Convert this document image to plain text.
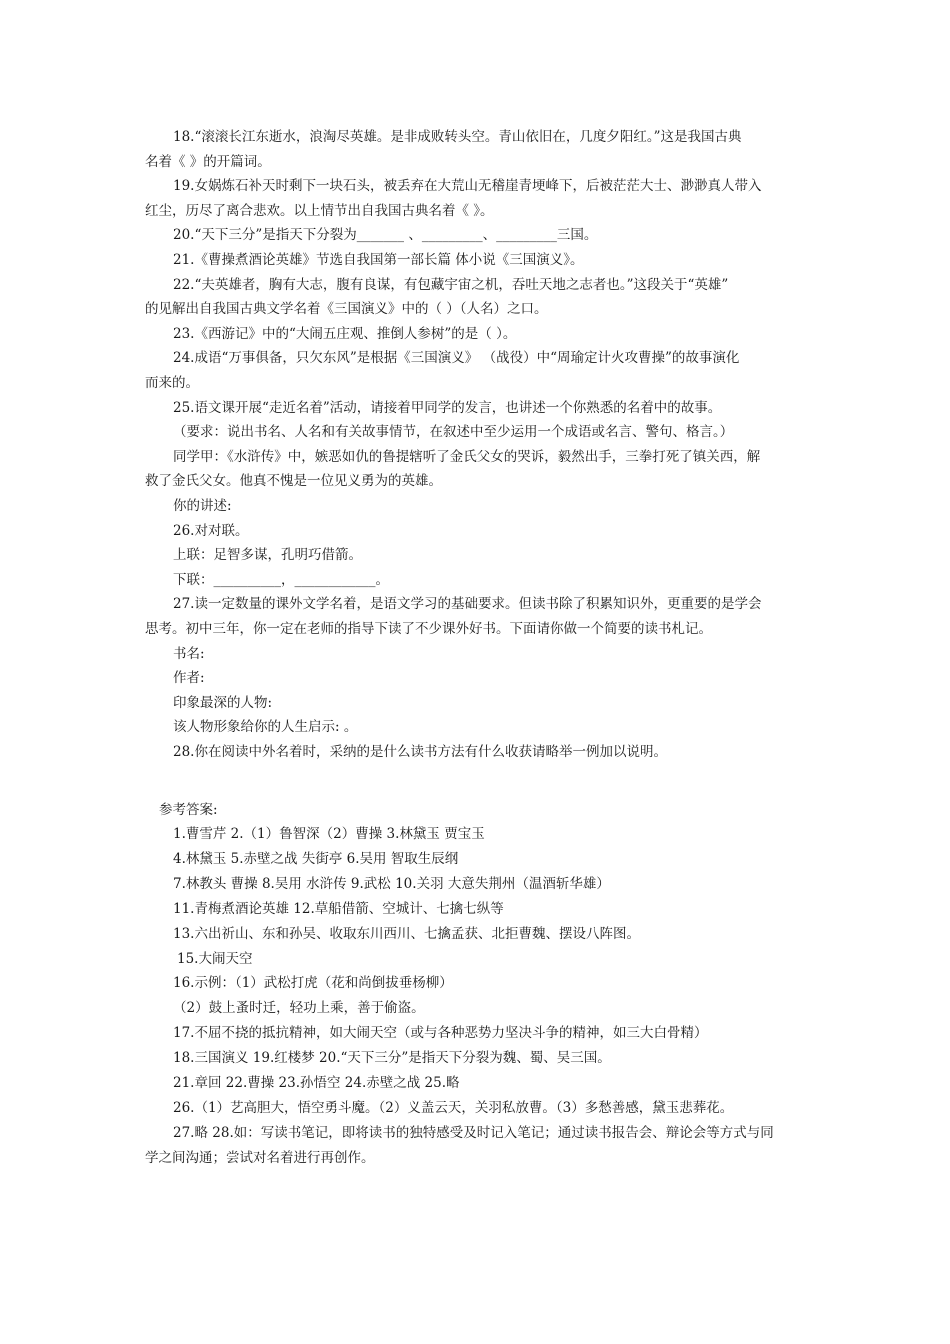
18.“滚滚长江东逝水，浪淘尽英雄。是非成败转头空。青山依旧在，几度夕阳红。”这是我国古典
名着《 》的开篇词。
19.女娲炼石补天时剩下一块石头，被丢弃在大荒山无稽崖青埂峰下，后被茫茫大士、渺渺真人带入
红尘，历尽了离合悲欢。以上情节出自我国古典名着《 》。
20.“天下三分”是指天下分裂为_______ 、_________、_________三国。
21.《曹操煮酒论英雄》节选自我国第一部长篇 体小说《三国演义》。
22.“夫英雄者，胸有大志，腹有良谋，有包藏宇宙之机，吞吐天地之志者也。”这段关于“英雄”
的见解出自我国古典文学名着《三国演义》中的（ ）（人名）之口。
23.《西游记》中的“大闹五庄观、推倒人参树”的是（ ）。
24.成语“万事俱备，只欠东风”是根据《三国演义》 （战役）中“周瑜定计火攻曹操”的故事演化
而来的。
25.语文课开展“走近名着”活动，请接着甲同学的发言，也讲述一个你熟悉的名着中的故事。
（要求：说出书名、人名和有关故事情节，在叙述中至少运用一个成语或名言、警句、格言。）
同学甲：《水浒传》中，嫉恶如仇的鲁提辖听了金氏父女的哭诉，毅然出手，三拳打死了镇关西，解
救了金氏父女。他真不愧是一位见义勇为的英雄。
你的讲述:
26.对对联。
上联：足智多谋，孔明巧借箭。
下联：__________，____________。
27.读一定数量的课外文学名着，是语文学习的基础要求。但读书除了积累知识外，更重要的是学会
思考。初中三年，你一定在老师的指导下读了不少课外好书。下面请你做一个简要的读书札记。
书名:
作者:
印象最深的人物:
该人物形象给你的人生启示: 。
28.你在阅读中外名着时，采纳的是什么读书方法有什么收获请略举一例加以说明。
参考答案:
1.曹雪芹 2.（1）鲁智深（2）曹操 3.林黛玉 贾宝玉
4.林黛玉 5.赤壁之战 失街亭 6.吴用 智取生辰纲
7.林教头 曹操 8.吴用 水浒传 9.武松 10.关羽 大意失荆州（温酒斩华雄）
11.青梅煮酒论英雄 12.草船借箭、空城计、七擒七纵等
13.六出祈山、东和孙吴、收取东川西川、七擒孟获、北拒曹魏、摆设八阵图。
15.大闹天空
16.示例：（1）武松打虎（花和尚倒拔垂杨柳）
（2）鼓上蚤时迁，轻功上乘，善于偷盗。
17.不屈不挠的抵抗精神，如大闹天空（或与各种恶势力坚决斗争的精神，如三大白骨精）
18.三国演义 19.红楼梦 20.“天下三分”是指天下分裂为魏、蜀、吴三国。
21.章回 22.曹操 23.孙悟空 24.赤壁之战 25.略
26.（1）艺高胆大，悟空勇斗魔。（2）义盖云天，关羽私放曹。（3）多愁善感，黛玉悲葬花。
27.略 28.如：写读书笔记，即将读书的独特感受及时记入笔记；通过读书报告会、辩论会等方式与同
学之间沟通；尝试对名着进行再创作。
